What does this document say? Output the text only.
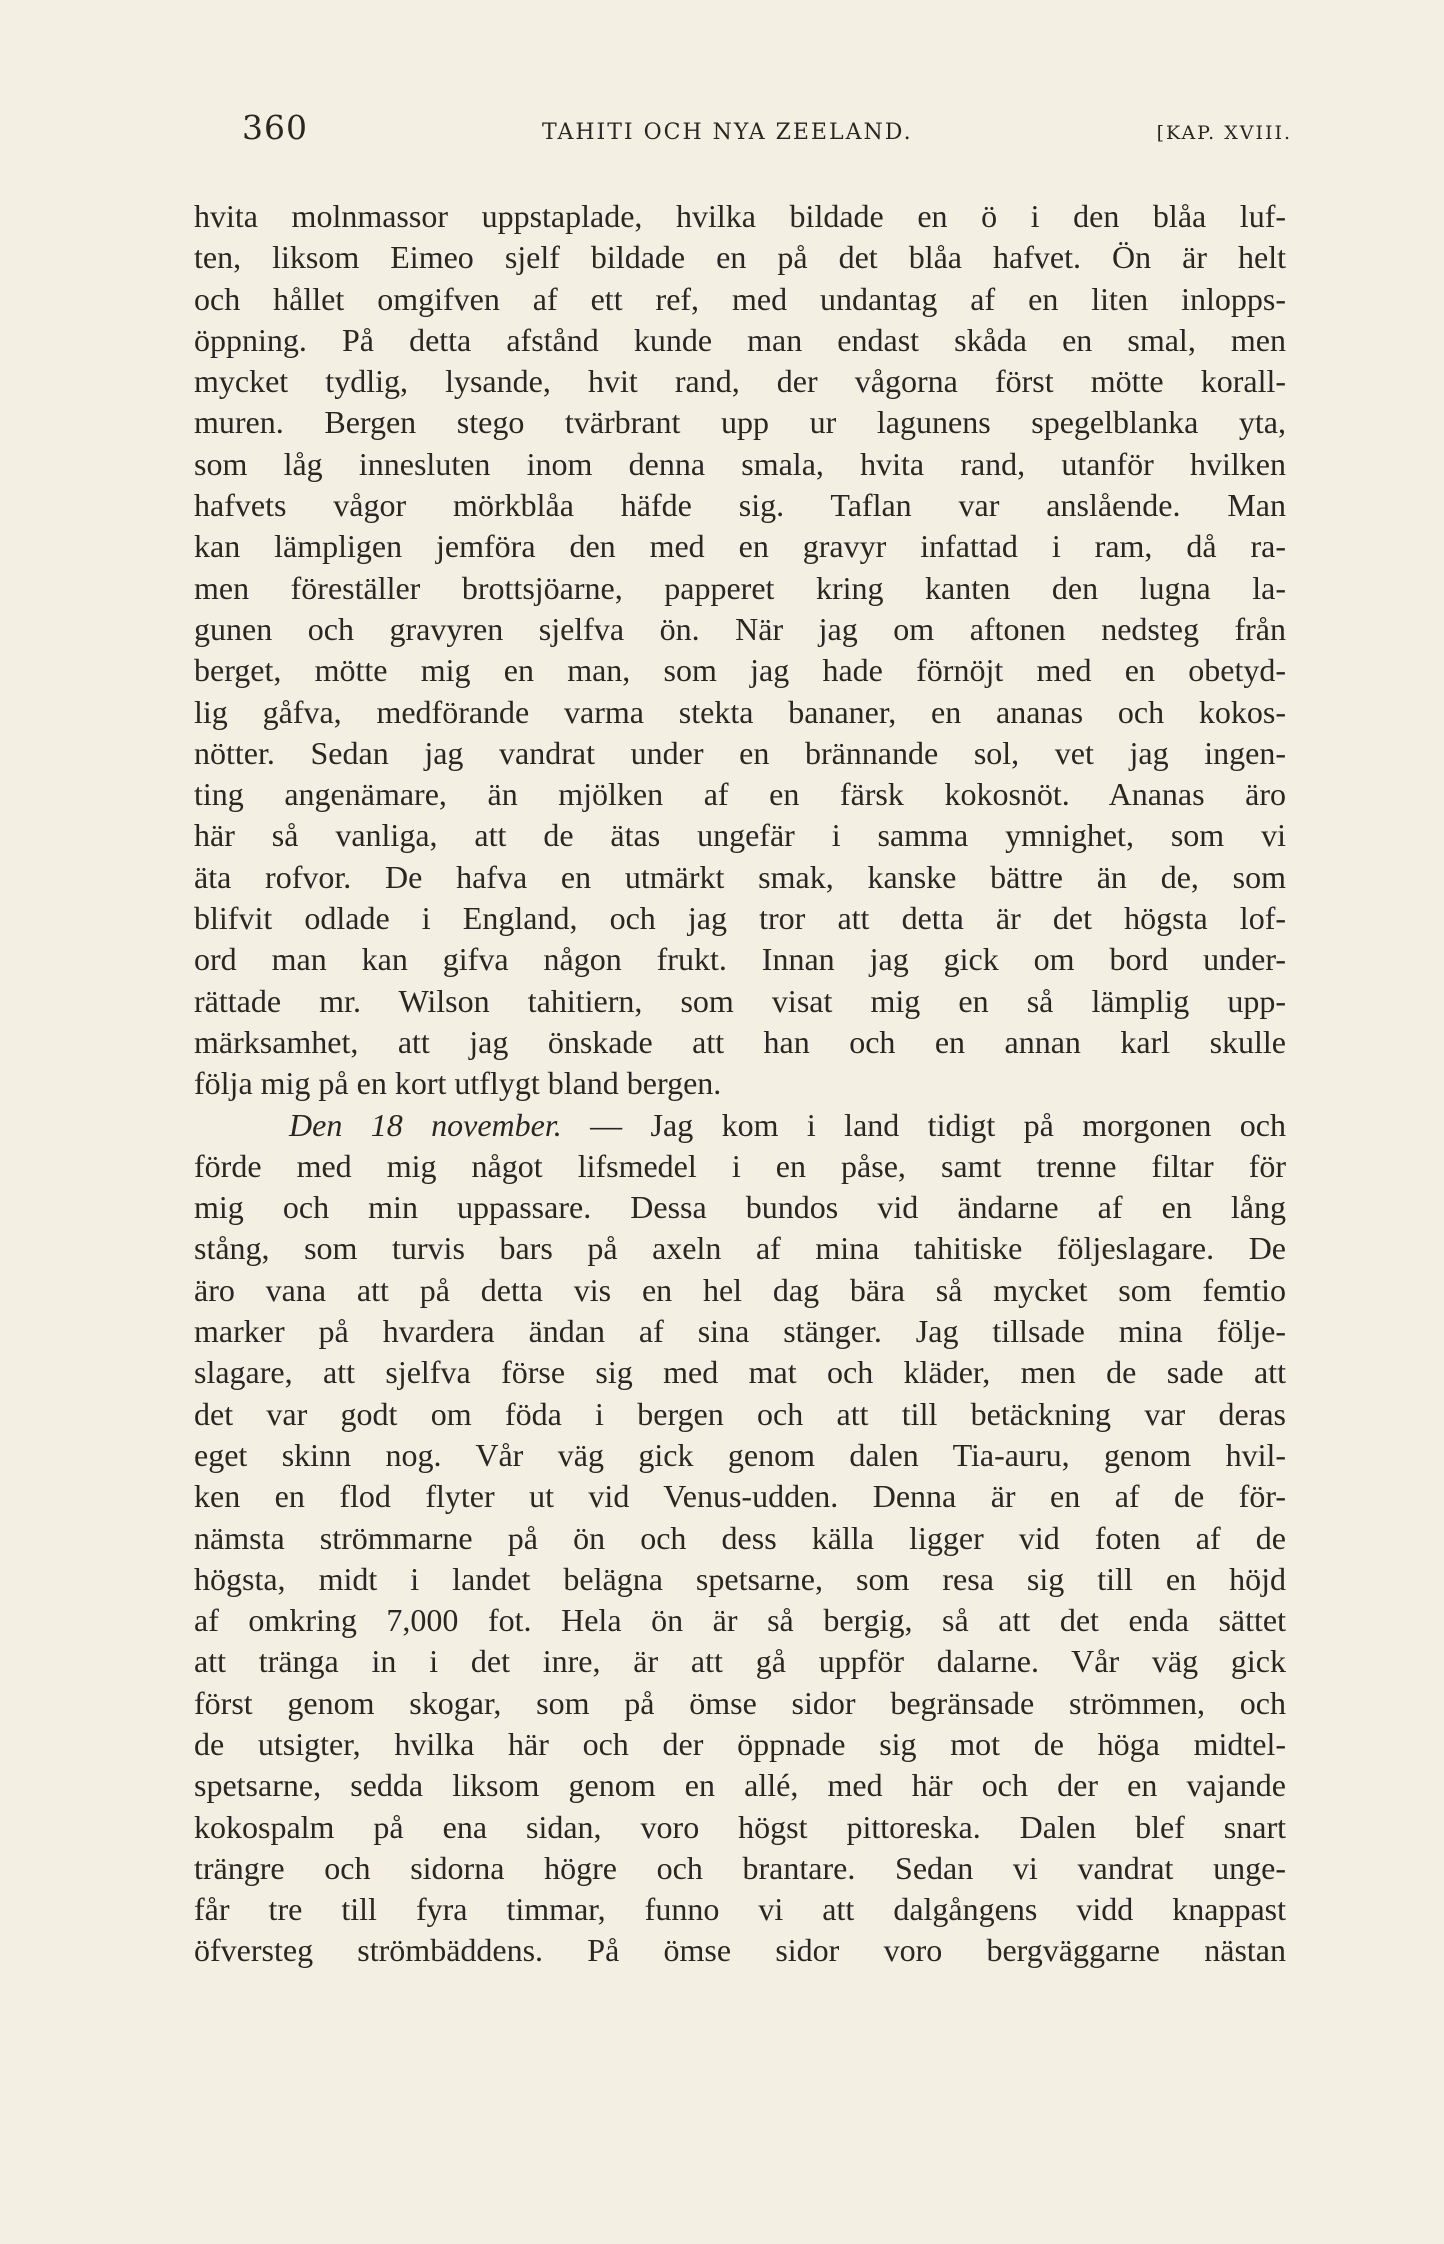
360	TAHITI OCH NYA ZEELAND.	[KAP. XVIII.
hvita molnmassor uppstaplade, hvilka bildade en ö i den blåa luf-
ten, liksom Eimeo sjelf bildade en på det blåa hafvet. Ön är helt
och hållet omgifven af ett ref, med undantag af en liten inlopps-
öppning. På detta afstånd kunde man endast skåda en smal, men
mycket tydlig, lysande, hvit rand, der vågorna först mötte korall-
muren. Bergen stego tvärbrant upp ur lagunens spegelblanka yta,
som låg innesluten inom denna smala, hvita rand, utanför hvilken
hafvets vågor mörkblåa häfde sig. Taflan var anslående. Man
kan lämpligen jemföra den med en gravyr infattad i ram, då ra-
men föreställer brottsjöarne, papperet kring kanten den lugna la-
gunen och gravyren sjelfva ön. När jag om aftonen nedsteg från
berget, mötte mig en man, som jag hade förnöjt med en obetyd-
lig gåfva, medförande varma stekta bananer, en ananas och kokos-
nötter. Sedan jag vandrat under en brännande sol, vet jag ingen-
ting angenämare, än mjölken af en färsk kokosnöt. Ananas äro
här så vanliga, att de ätas ungefär i samma ymnighet, som vi
äta rofvor. De hafva en utmärkt smak, kanske bättre än de, som
blifvit odlade i England, och jag tror att detta är det högsta lof-
ord man kan gifva någon frukt. Innan jag gick om bord under-
rättade mr. Wilson tahitiern, som visat mig en så lämplig upp-
märksamhet, att jag önskade att han och en annan karl skulle
följa mig på en kort utflygt bland bergen.
Den 18 november. — Jag kom i land tidigt på morgonen och
förde med mig något lifsmedel i en påse, samt trenne filtar för
mig och min uppassare. Dessa bundos vid ändarne af en lång
stång, som turvis bars på axeln af mina tahitiske följeslagare. De
äro vana att på detta vis en hel dag bära så mycket som femtio
marker på hvardera ändan af sina stänger. Jag tillsade mina följe-
slagare, att sjelfva förse sig med mat och kläder, men de sade att
det var godt om föda i bergen och att till betäckning var deras
eget skinn nog. Vår väg gick genom dalen Tia-auru, genom hvil-
ken en flod flyter ut vid Venus-udden. Denna är en af de för-
nämsta strömmarne på ön och dess källa ligger vid foten af de
högsta, midt i landet belägna spetsarne, som resa sig till en höjd
af omkring 7,000 fot. Hela ön är så bergig, så att det enda sättet
att tränga in i det inre, är att gå uppför dalarne. Vår väg gick
först genom skogar, som på ömse sidor begränsade strömmen, och
de utsigter, hvilka här och der öppnade sig mot de höga midtel-
spetsarne, sedda liksom genom en allé, med här och der en vajande
kokospalm på ena sidan, voro högst pittoreska. Dalen blef snart
trängre och sidorna högre och brantare. Sedan vi vandrat unge-
får tre till fyra timmar, funno vi att dalgångens vidd knappast
öfversteg strömbäddens. På ömse sidor voro bergväggarne nästan
